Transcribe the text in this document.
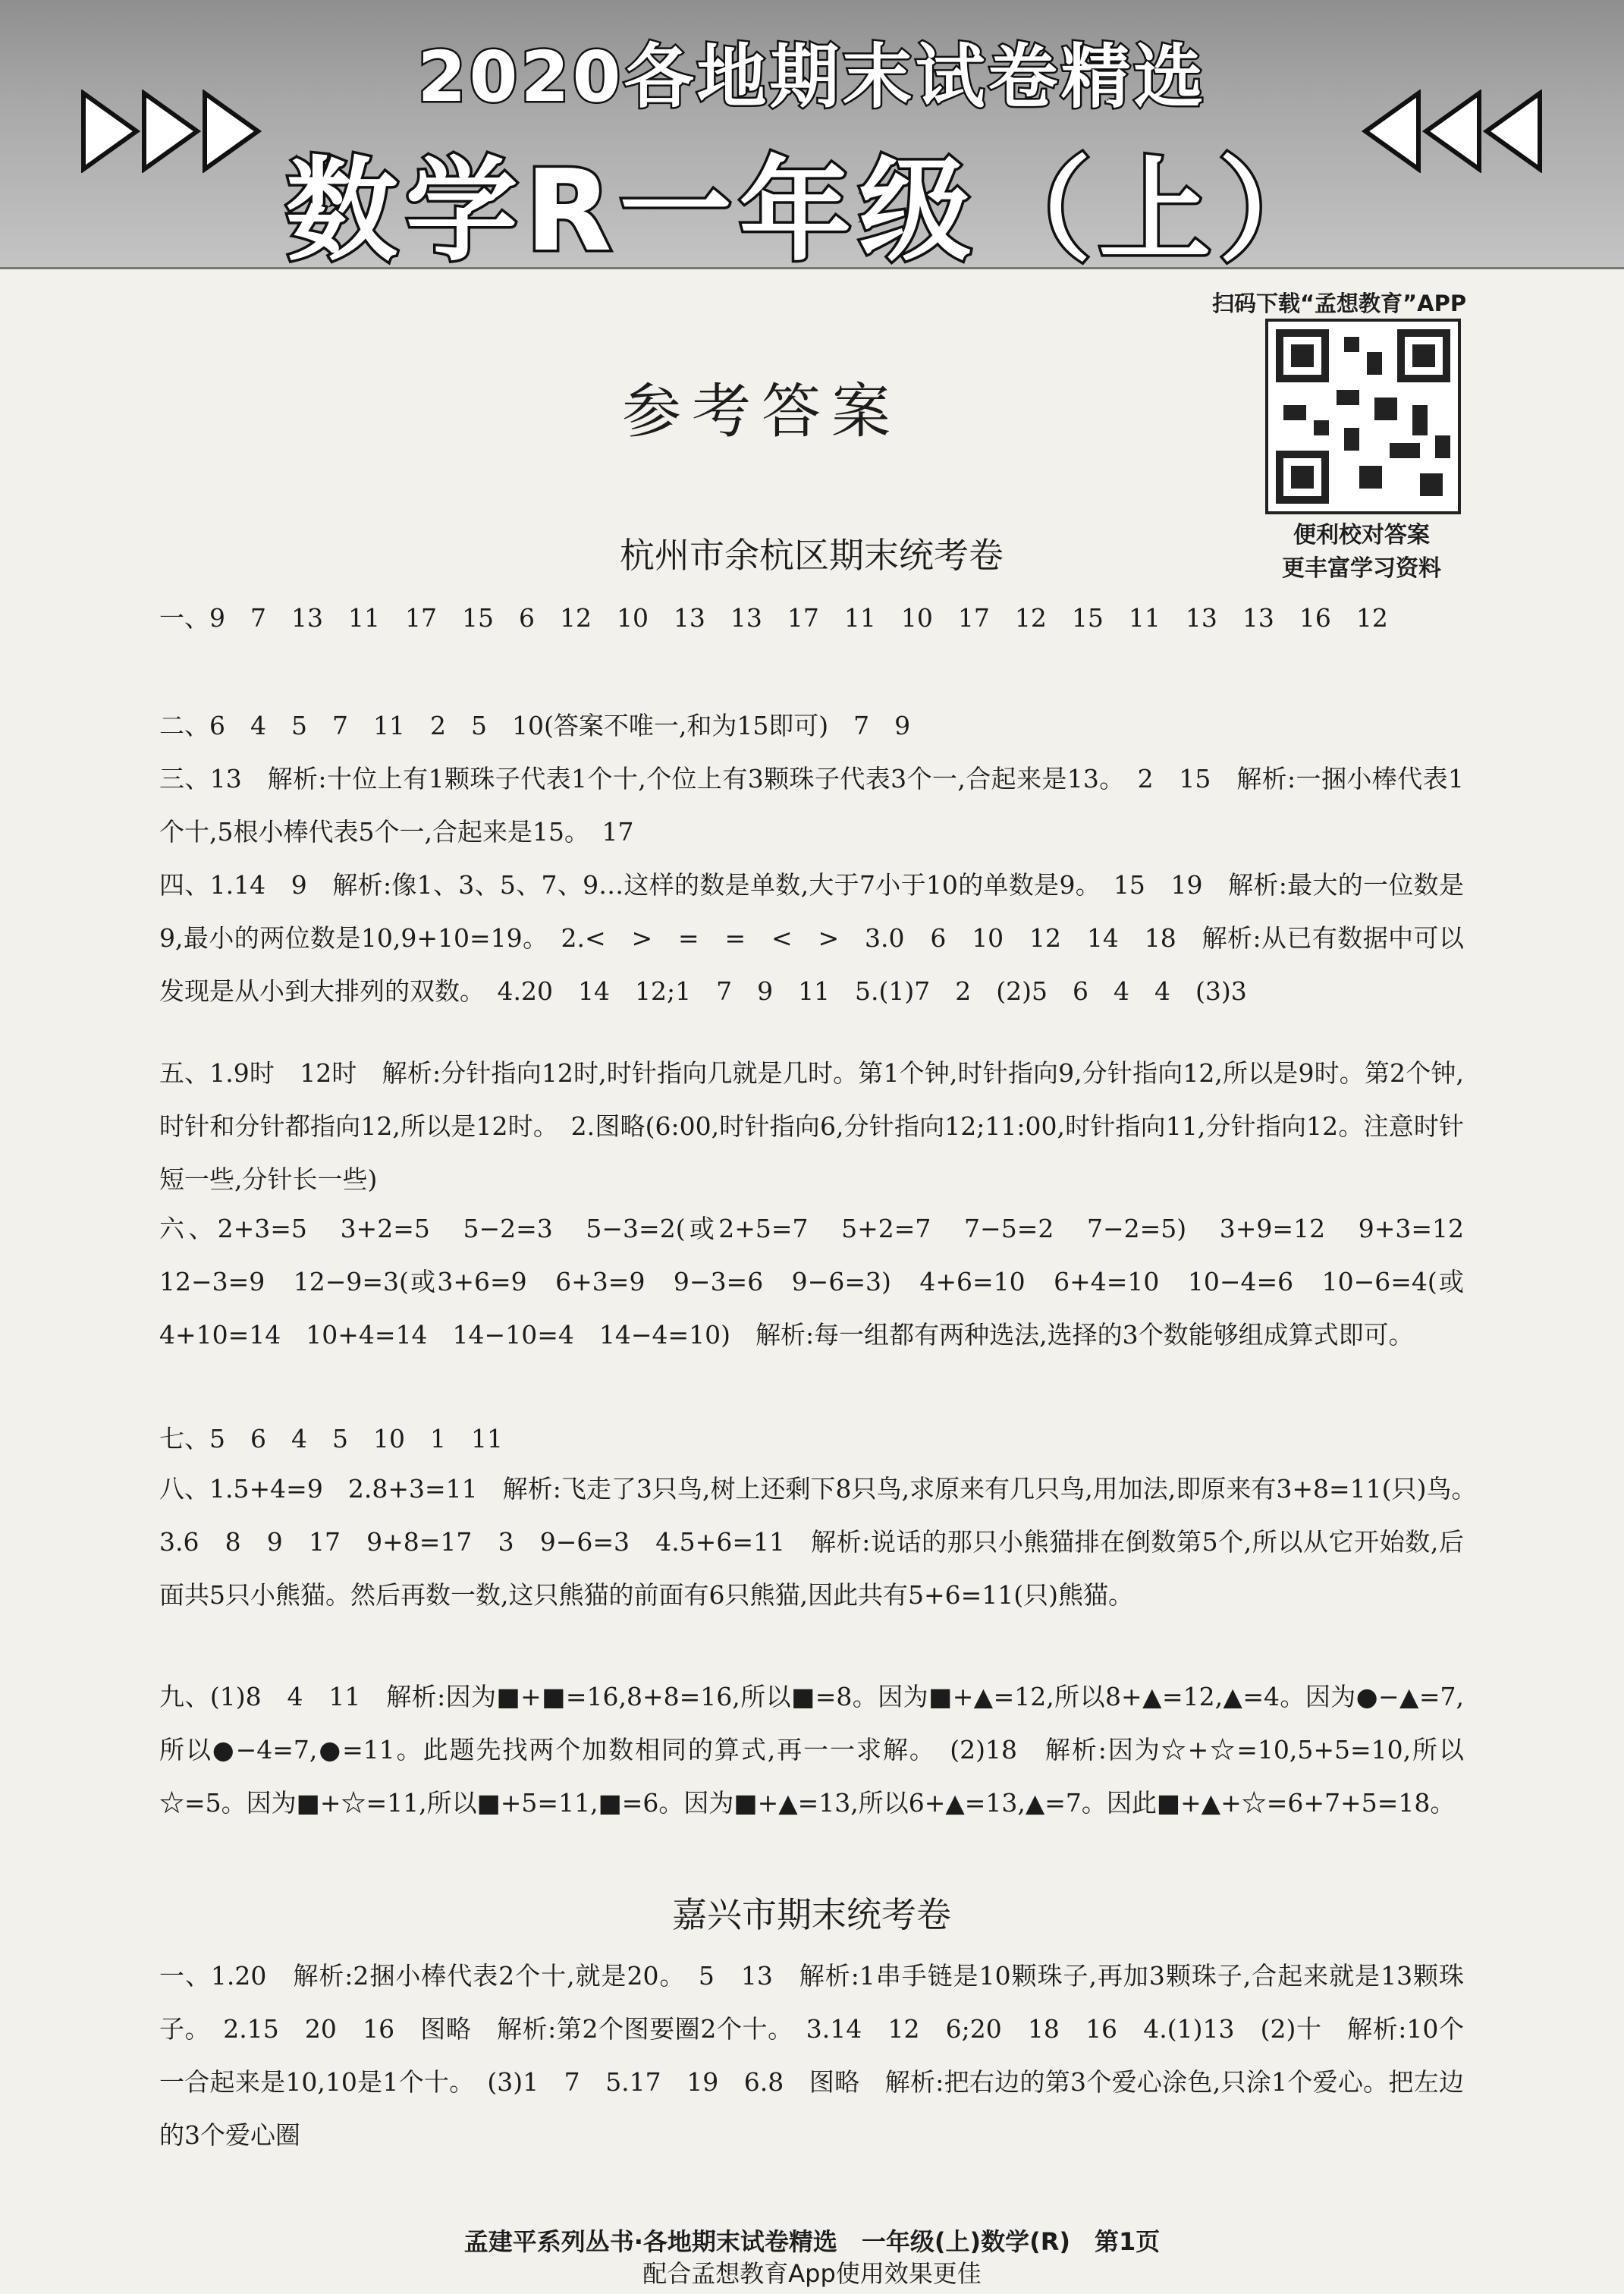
2020各地期末试卷精选
数学R一年级（上）
扫码下载“孟想教育”APP
便利校对答案
更丰富学习资料
参考答案
杭州市余杭区期末统考卷
一、9　7　13　11　17　15　6　12　10　13　13　17　11　10　17　12　15　11　13　13　16　12
二、6　4　5　7　11　2　5　10(答案不唯一,和为15即可)　7　9
三、13　解析:十位上有1颗珠子代表1个十,个位上有3颗珠子代表3个一,合起来是13。　2　15　解析:一捆小棒代表1个十,5根小棒代表5个一,合起来是15。　17
四、1.14　9　解析:像1、3、5、7、9…这样的数是单数,大于7小于10的单数是9。　15　19　解析:最大的一位数是9,最小的两位数是10,9+10=19。　2.<　>　=　=　<　>　3.0　6　10　12　14　18　解析:从已有数据中可以发现是从小到大排列的双数。　4.20　14　12;1　7　9　11　5.(1)7　2　(2)5　6　4　4　(3)3
五、1.9时　12时　解析:分针指向12时,时针指向几就是几时。第1个钟,时针指向9,分针指向12,所以是9时。第2个钟,时针和分针都指向12,所以是12时。　2.图略(6:00,时针指向6,分针指向12;11:00,时针指向11,分针指向12。注意时针短一些,分针长一些)
六、2+3=5　3+2=5　5−2=3　5−3=2(或2+5=7　5+2=7　7−5=2　7−2=5)　3+9=12　9+3=12　12−3=9　12−9=3(或3+6=9　6+3=9　9−3=6　9−6=3)　4+6=10　6+4=10　10−4=6　10−6=4(或4+10=14　10+4=14　14−10=4　14−4=10)　解析:每一组都有两种选法,选择的3个数能够组成算式即可。
七、5　6　4　5　10　1　11
八、1.5+4=9　2.8+3=11　解析:飞走了3只鸟,树上还剩下8只鸟,求原来有几只鸟,用加法,即原来有3+8=11(只)鸟。　3.6　8　9　17　9+8=17　3　9−6=3　4.5+6=11　解析:说话的那只小熊猫排在倒数第5个,所以从它开始数,后面共5只小熊猫。然后再数一数,这只熊猫的前面有6只熊猫,因此共有5+6=11(只)熊猫。
九、(1)8　4　11　解析:因为■+■=16,8+8=16,所以■=8。因为■+▲=12,所以8+▲=12,▲=4。因为●−▲=7,所以●−4=7,●=11。此题先找两个加数相同的算式,再一一求解。　(2)18　解析:因为☆+☆=10,5+5=10,所以☆=5。因为■+☆=11,所以■+5=11,■=6。因为■+▲=13,所以6+▲=13,▲=7。因此■+▲+☆=6+7+5=18。
嘉兴市期末统考卷
一、1.20　解析:2捆小棒代表2个十,就是20。　5　13　解析:1串手链是10颗珠子,再加3颗珠子,合起来就是13颗珠子。　2.15　20　16　图略　解析:第2个图要圈2个十。　3.14　12　6;20　18　16　4.(1)13　(2)十　解析:10个一合起来是10,10是1个十。　(3)1　7　5.17　19　6.8　图略　解析:把右边的第3个爱心涂色,只涂1个爱心。把左边的3个爱心圈
孟建平系列丛书·各地期末试卷精选　一年级(上)数学(R)　第1页
配合孟想教育App使用效果更佳
